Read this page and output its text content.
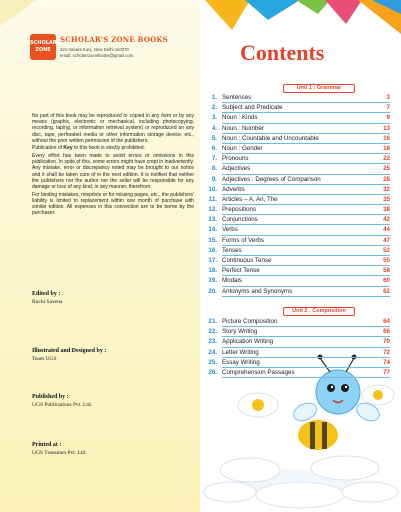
SCHOLAR'S ZONE
SCHOLAR'S ZONE BOOKS
321-Vasant Kunj, New Delhi-110070
email: scholarszonebooks@gmail.com

No part of this book may be reproduced or copied in any form or by any means (graphic, electronic or mechanical, including photocopying, recording, taping, or information retrieval system) or reproduced on any disc, tape, perforated media or other information storage device, etc., without the prior written permission of the publishers.

Publication of Key to this book is strictly prohibited.

Every effort has been made to avoid errors or omissions in this publication. In spite of this, some errors might have crept in inadvertently. Any mistake, error or discrepancy noted may be brought to our notice and it shall be taken care of in the next edition. It is notified that neither the publishers nor the author nor the seller will be responsible for any damage or loss of any kind, in any manner, therefrom.

For binding mistakes, misprints or for missing pages, etc., the publishers' liability is limited to replacement within one month of purchase with similar edition. All expenses in this connection are to be borne by the purchaser.

Edited by :
Ruchi Saxena
Illustrated and Designed by :
Team UGS
Published by :
UGS Publications Pvt. Ltd.
Printed at :
UGS Transmen Pvt. Ltd.
Contents
Unit 1 : Grammar
1. Sentences	3
2. Subject and Predicate	7
3. Noun : Kinds	9
4. Noun : Number	13
5. Noun : Countable and Uncountable	16
6. Noun : Gender	18
7. Pronouns	22
8. Adjectives	25
9. Adjectives : Degrees of Comparison	28
10. Adverbs	32
11. Articles – A, An, The	35
12. Prepositions	38
13. Conjunctions	42
14. Verbs	44
15. Forms of Verbs	47
16. Tenses	52
17. Continuous Tense	55
18. Perfect Tense	58
19. Modals	60
20. Antonyms and Synonyms	62
Unit 2 : Composition
21. Picture Composition	64
22. Story Writing	66
23. Application Writing	70
24. Letter Writing	72
25. Essay Writing	74
26. Comprehension Passages	77
